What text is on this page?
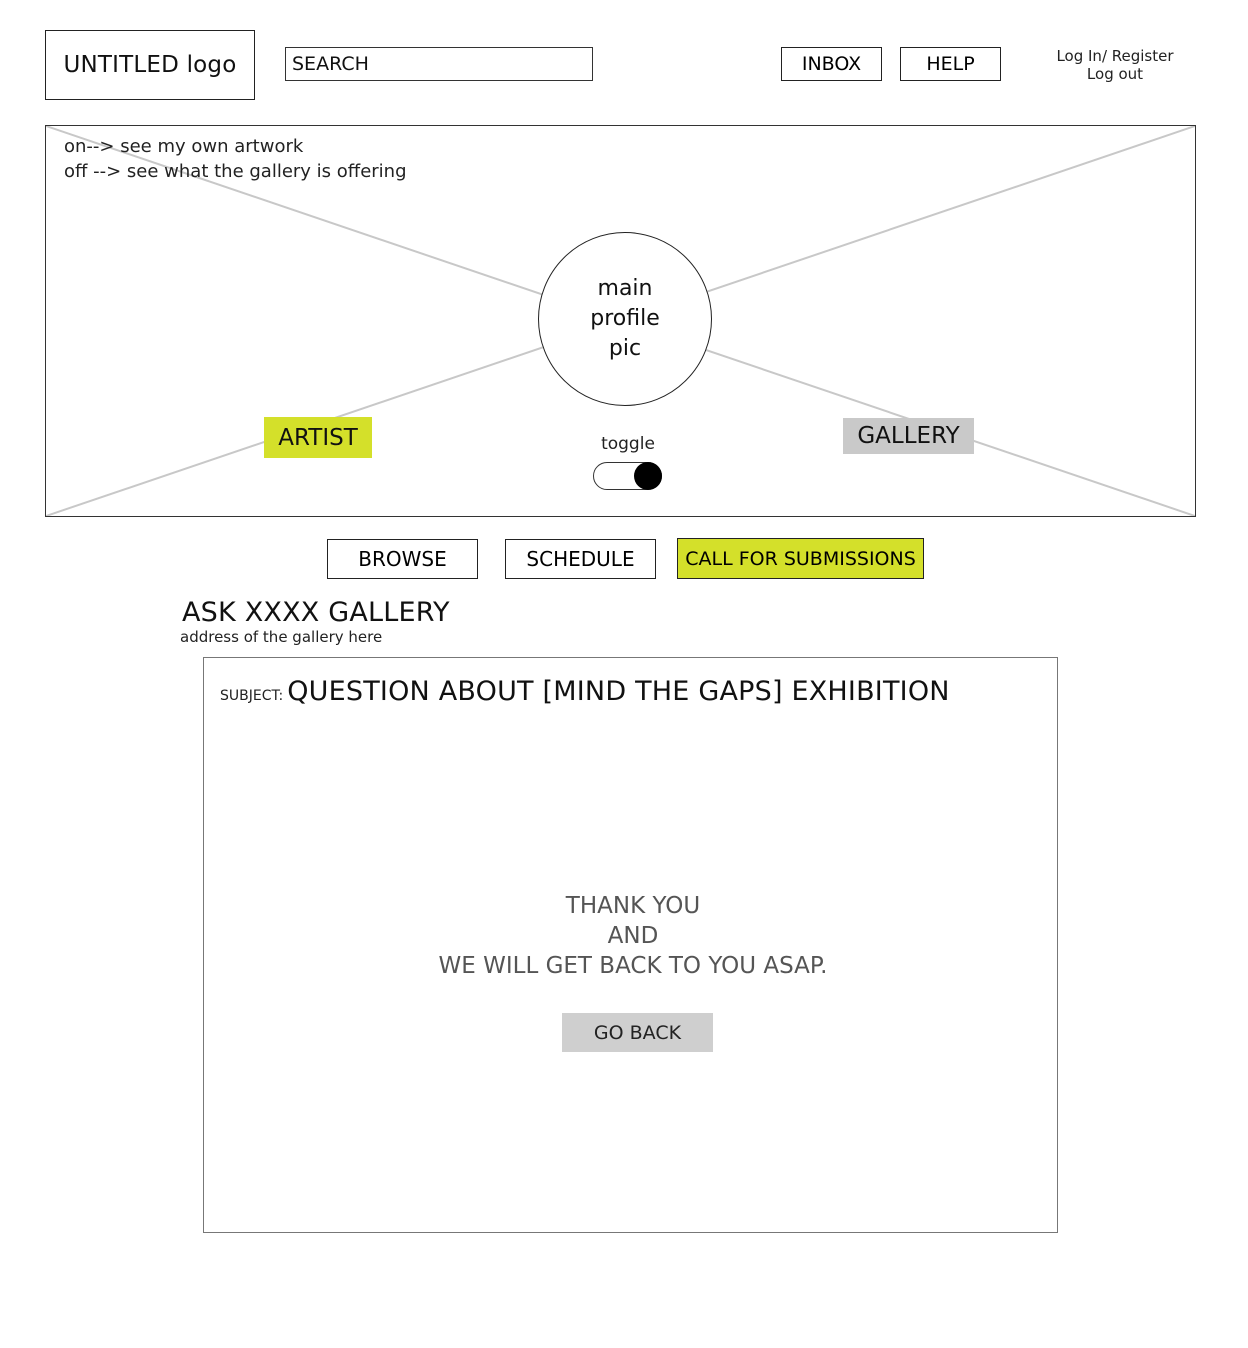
UNTITLED logo
SEARCH	INBOX	HELP	Log In/ Register
Log out
on--> see my own artwork
off --> see what the gallery is offering
main
profile
pic
ARTIST	GALLERY
toggle
BROWSE	SCHEDULE	CALL FOR SUBMISSIONS
ASK XXXX GALLERY
address of the gallery here
SUBJECT: QUESTION ABOUT [MIND THE GAPS] EXHIBITION
THANK YOU
AND
WE WILL GET BACK TO YOU ASAP.
GO BACK
